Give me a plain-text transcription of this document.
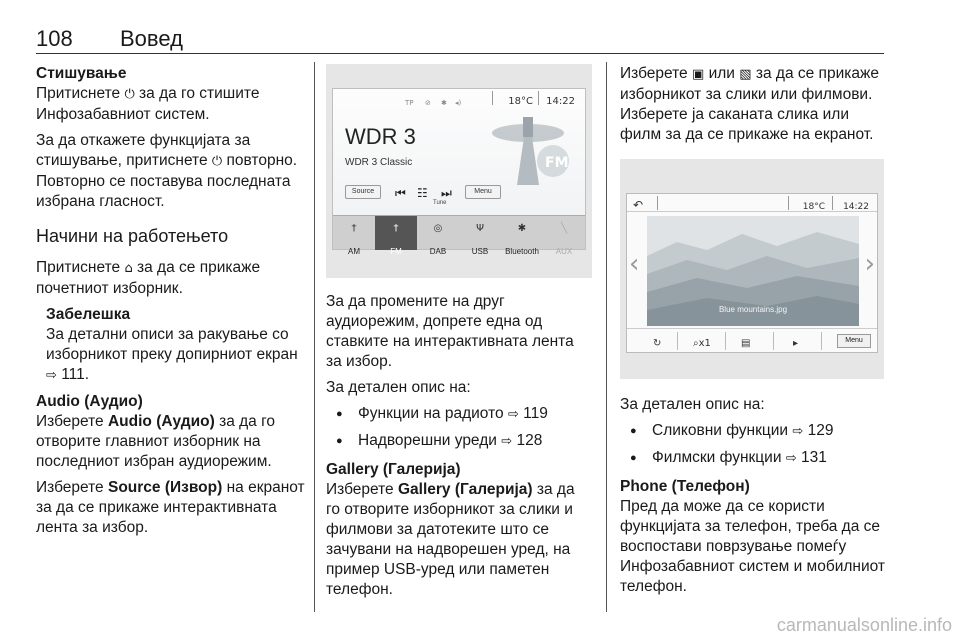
108 Вовед

Стишување

Притиснете ⏻ за да го стишите Инфозабавниот систем.

За да откажете функцијата за стишување, притиснете ⏻ повторно. Повторно се поставува последната избрана гласност.

Начини на работењето

Притиснете ⌂ за да се прикаже почетниот изборник.

Забелешка
За детални описи за ракување со изборникот преку допирниот екран ⇨ 111.

Audio (Аудио)

Изберете Audio (Аудио) за да го отворите главниот изборник на последниот избран аудиорежим.

Изберете Source (Извор) на екранот за да се прикаже интерактивната лента за избор.

TP ⊘ ✱ ◂)	18°C 14:22
WDR 3
WDR 3 Classic	FM
Source	⏮ ☷
Tune
⏭	Menu
†
AM
†
FM
◎
DAB
Ψ
USB
✱
Bluetooth
╲
AUX

За да промените на друг аудиорежим, допрете една од ставките на интерактивната лента за избор.

За детален опис на:

● Функции на радиото ⇨ 119
● Надворешни уреди ⇨ 128

Gallery (Галерија)

Изберете Gallery (Галерија) за да го отворите изборникот за слики и филмови за датотеките што се зачувани на надворешен уред, на пример USB-уред или паметен телефон.

Изберете ▣ или ▧ за да се прикаже изборникот за слики или филмови. Изберете ја саканата слика или филм за да се прикаже на екранот.

↶	18°C 14:22
‹
Blue mountains.jpg
›
↻	⌕x1	▤	▸	Menu

За детален опис на:

● Сликовни функции ⇨ 129
● Филмски функции ⇨ 131

Phone (Телефон)

Пред да може да се користи функцијата за телефон, треба да се воспостави поврзување помеѓу Инфозабавниот систем и мобилниот телефон.

carmanualsonline.info
